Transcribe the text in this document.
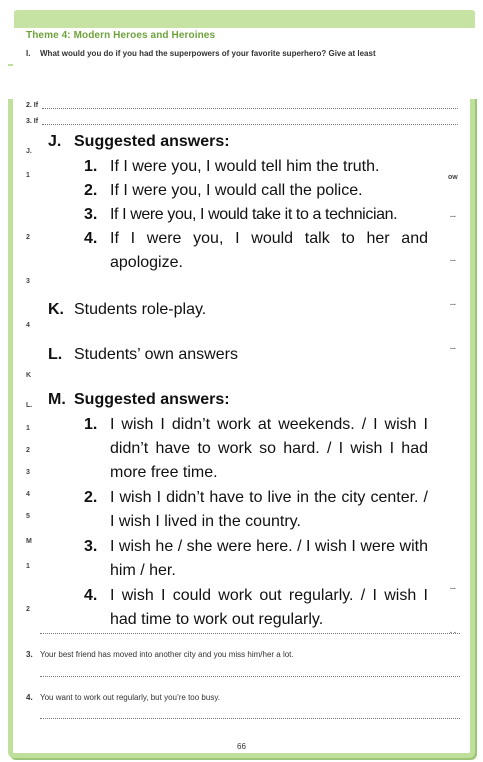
Theme 4: Modern Heroes and Heroines
I. What would you do if you had the superpowers of your favorite superhero? Give at least
2. If
3. If
J.
1
2
3
4
K
L.
1
2
3
4
5
M
1
2
ow
...
...
...
...
...
. .
J. Suggested answers:
1. If I were you, I would tell him the truth.
2. If I were you, I would call the police.
3. If I were you, I would take it to a technician.
4. If I were you, I would talk to her and apologize.
K. Students role-play.
L. Students’ own answers
M. Suggested answers:
1. I wish I didn’t work at weekends. / I wish I didn’t have to work so hard. / I wish I had more free time.
2. I wish I didn’t have to live in the city center. / I wish I lived in the country.
3. I wish he / she were here. / I wish I were with him / her.
4. I wish I could work out regularly. / I wish I had time to work out regularly.
3. Your best friend has moved into another city and you miss him/her a lot.
4. You want to work out regularly, but you’re too busy.
66
